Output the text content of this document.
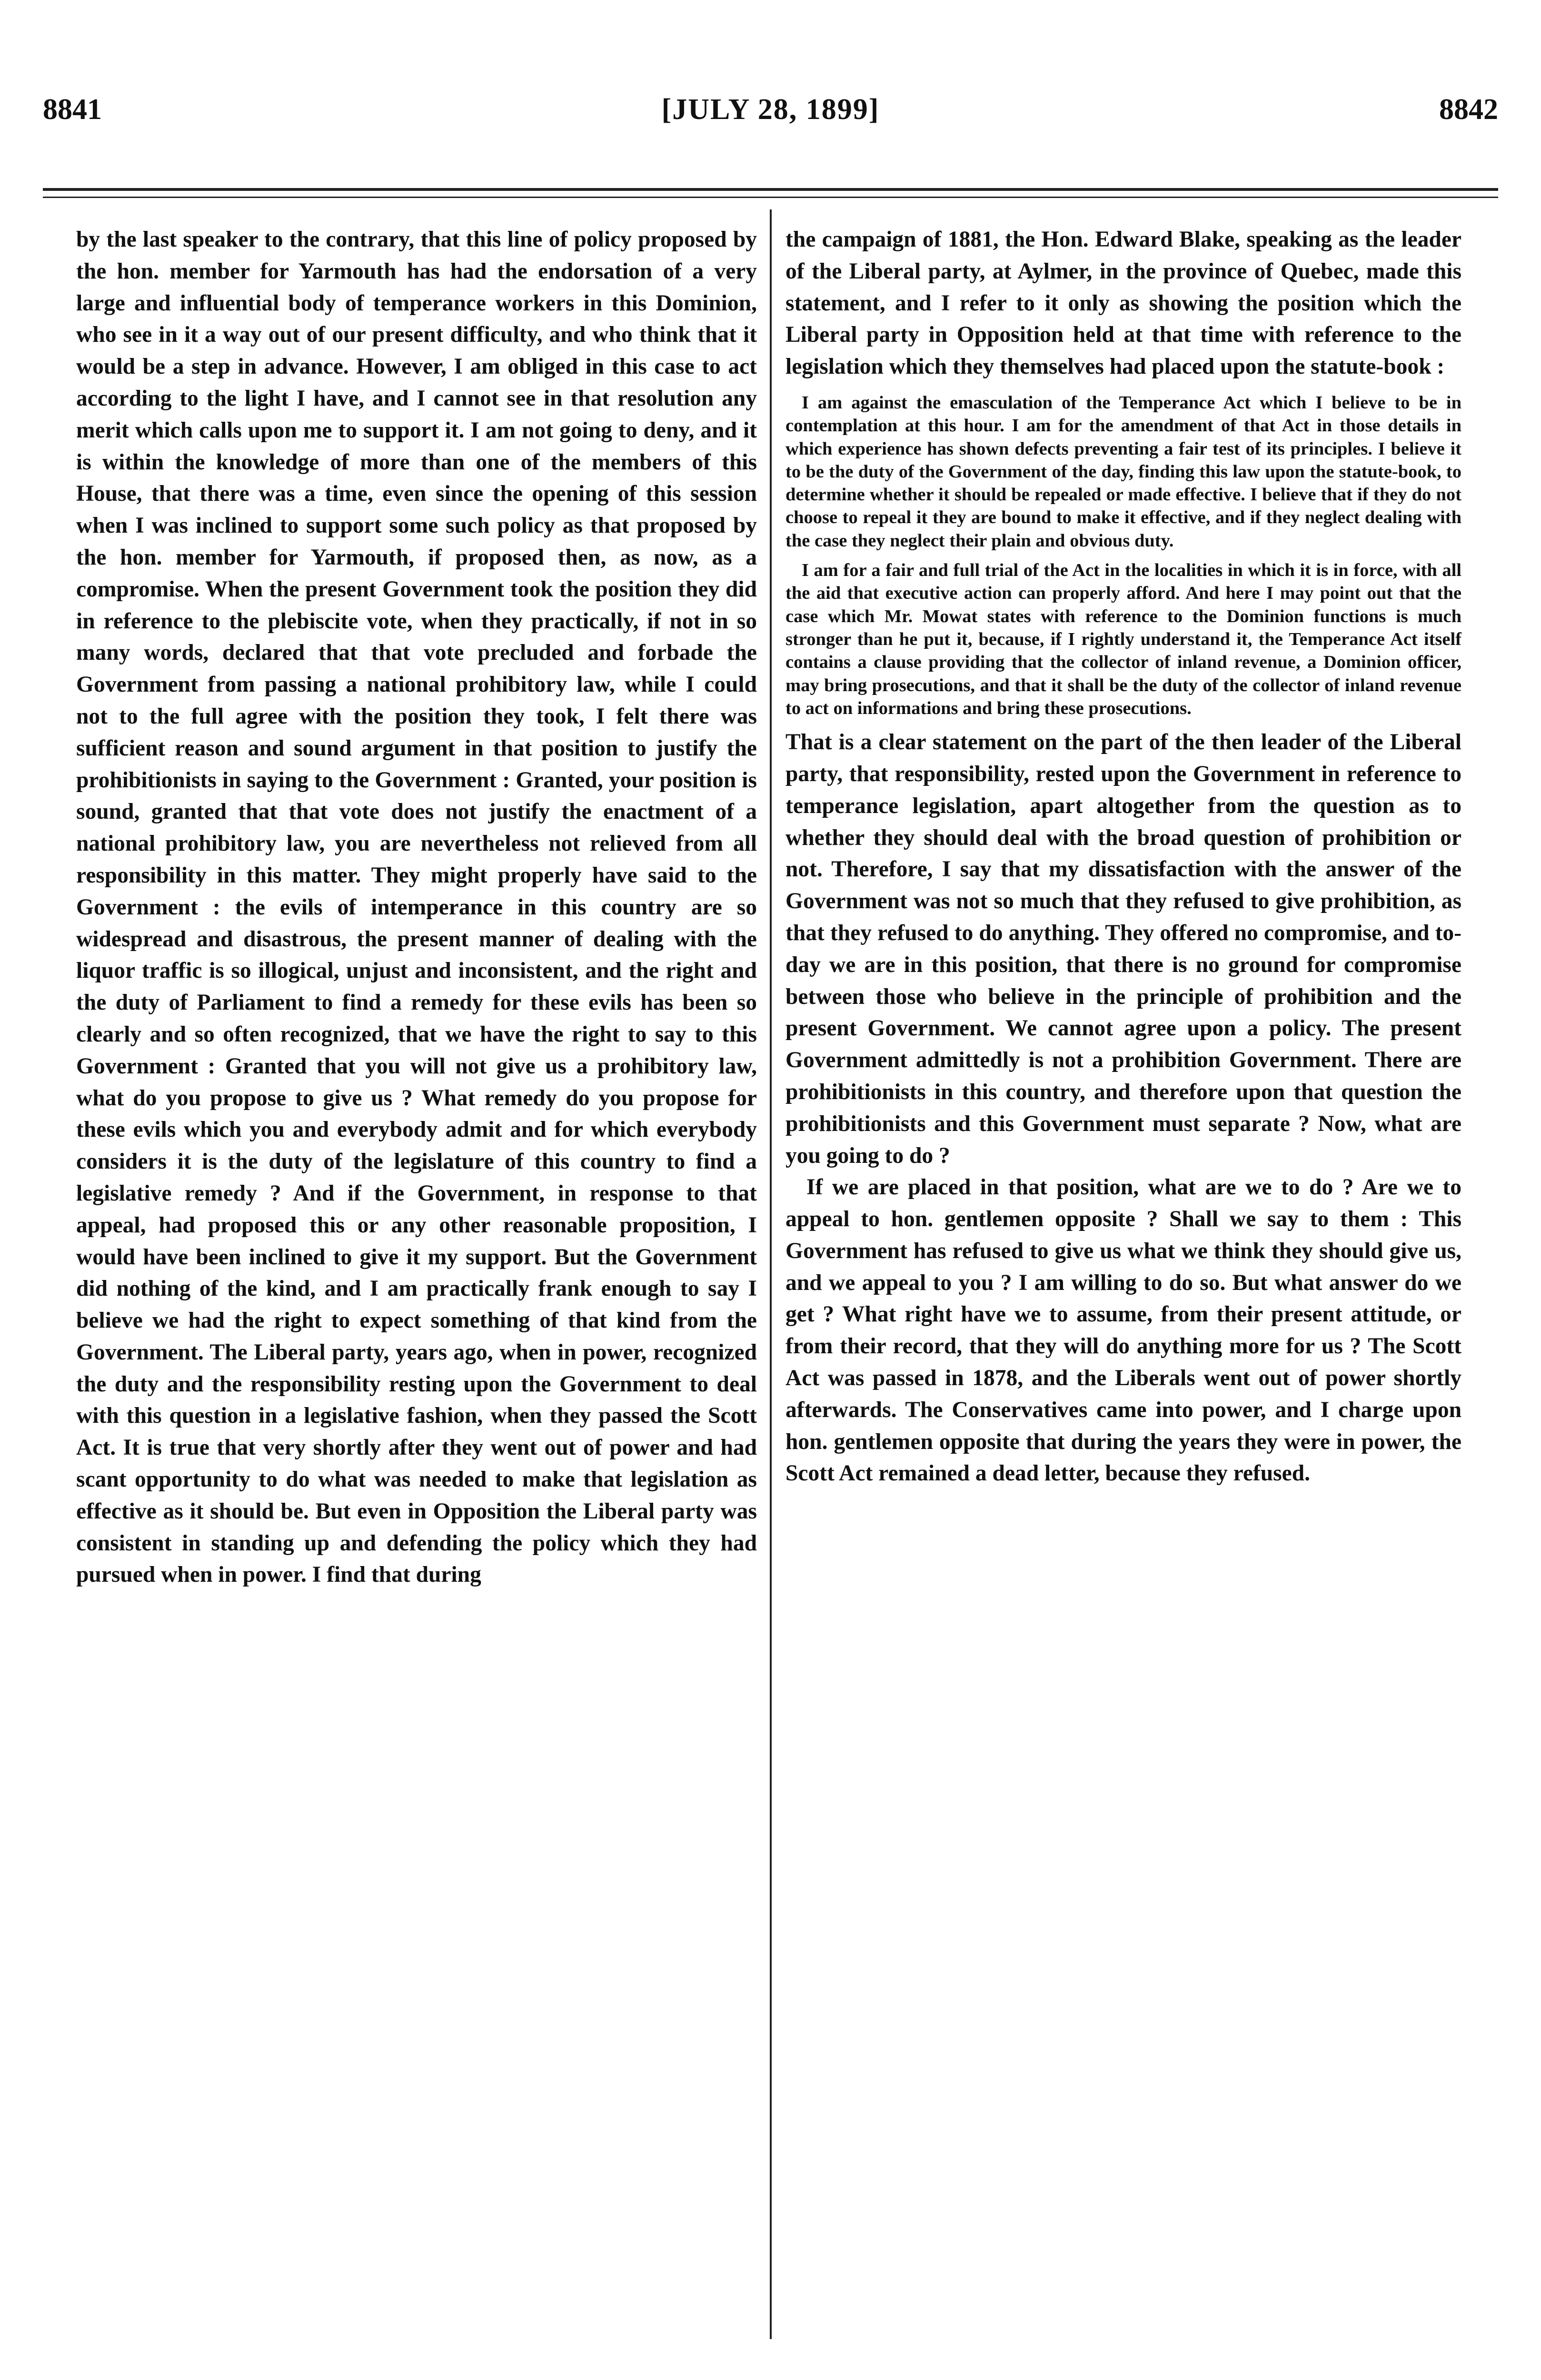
8841	[JULY 28, 1899]	8842

by the last speaker to the contrary, that this line of policy proposed by the hon. member for Yarmouth has had the endorsation of a very large and influential body of temperance workers in this Dominion, who see in it a way out of our present difficulty, and who think that it would be a step in advance. However, I am obliged in this case to act according to the light I have, and I cannot see in that resolution any merit which calls upon me to support it. I am not going to deny, and it is within the knowledge of more than one of the members of this House, that there was a time, even since the opening of this session when I was inclined to support some such policy as that proposed by the hon. member for Yarmouth, if proposed then, as now, as a compromise. When the present Government took the position they did in reference to the plebiscite vote, when they practically, if not in so many words, declared that that vote precluded and forbade the Government from passing a national prohibitory law, while I could not to the full agree with the position they took, I felt there was sufficient reason and sound argument in that position to justify the prohibitionists in saying to the Government : Granted, your position is sound, granted that that vote does not justify the enactment of a national prohibitory law, you are nevertheless not relieved from all responsibility in this matter. They might properly have said to the Government : the evils of intemperance in this country are so widespread and disastrous, the present manner of dealing with the liquor traffic is so illogical, unjust and inconsistent, and the right and the duty of Parliament to find a remedy for these evils has been so clearly and so often recognized, that we have the right to say to this Government : Granted that you will not give us a prohibitory law, what do you propose to give us ? What remedy do you propose for these evils which you and everybody admit and for which everybody considers it is the duty of the legislature of this country to find a legislative remedy ? And if the Government, in response to that appeal, had proposed this or any other reasonable proposition, I would have been inclined to give it my support. But the Government did nothing of the kind, and I am practically frank enough to say I believe we had the right to expect something of that kind from the Government. The Liberal party, years ago, when in power, recognized the duty and the responsibility resting upon the Government to deal with this question in a legislative fashion, when they passed the Scott Act. It is true that very shortly after they went out of power and had scant opportunity to do what was needed to make that legislation as effective as it should be. But even in Opposition the Liberal party was consistent in standing up and defending the policy which they had pursued when in power. I find that during

the campaign of 1881, the Hon. Edward Blake, speaking as the leader of the Liberal party, at Aylmer, in the province of Quebec, made this statement, and I refer to it only as showing the position which the Liberal party in Opposition held at that time with reference to the legislation which they themselves had placed upon the statute-book :

I am against the emasculation of the Temperance Act which I believe to be in contemplation at this hour. I am for the amendment of that Act in those details in which experience has shown defects preventing a fair test of its principles. I believe it to be the duty of the Government of the day, finding this law upon the statute-book, to determine whether it should be repealed or made effective. I believe that if they do not choose to repeal it they are bound to make it effective, and if they neglect dealing with the case they neglect their plain and obvious duty.

I am for a fair and full trial of the Act in the localities in which it is in force, with all the aid that executive action can properly afford. And here I may point out that the case which Mr. Mowat states with reference to the Dominion functions is much stronger than he put it, because, if I rightly understand it, the Temperance Act itself contains a clause providing that the collector of inland revenue, a Dominion officer, may bring prosecutions, and that it shall be the duty of the collector of inland revenue to act on informations and bring these prosecutions.

That is a clear statement on the part of the then leader of the Liberal party, that responsibility, rested upon the Government in reference to temperance legislation, apart altogether from the question as to whether they should deal with the broad question of prohibition or not. Therefore, I say that my dissatisfaction with the answer of the Government was not so much that they refused to give prohibition, as that they refused to do anything. They offered no compromise, and to-day we are in this position, that there is no ground for compromise between those who believe in the principle of prohibition and the present Government. We cannot agree upon a policy. The present Government admittedly is not a prohibition Government. There are prohibitionists in this country, and therefore upon that question the prohibitionists and this Government must separate ? Now, what are you going to do ?

If we are placed in that position, what are we to do ? Are we to appeal to hon. gentlemen opposite ? Shall we say to them : This Government has refused to give us what we think they should give us, and we appeal to you ? I am willing to do so. But what answer do we get ? What right have we to assume, from their present attitude, or from their record, that they will do anything more for us ? The Scott Act was passed in 1878, and the Liberals went out of power shortly afterwards. The Conservatives came into power, and I charge upon hon. gentlemen opposite that during the years they were in power, the Scott Act remained a dead letter, because they refused.
